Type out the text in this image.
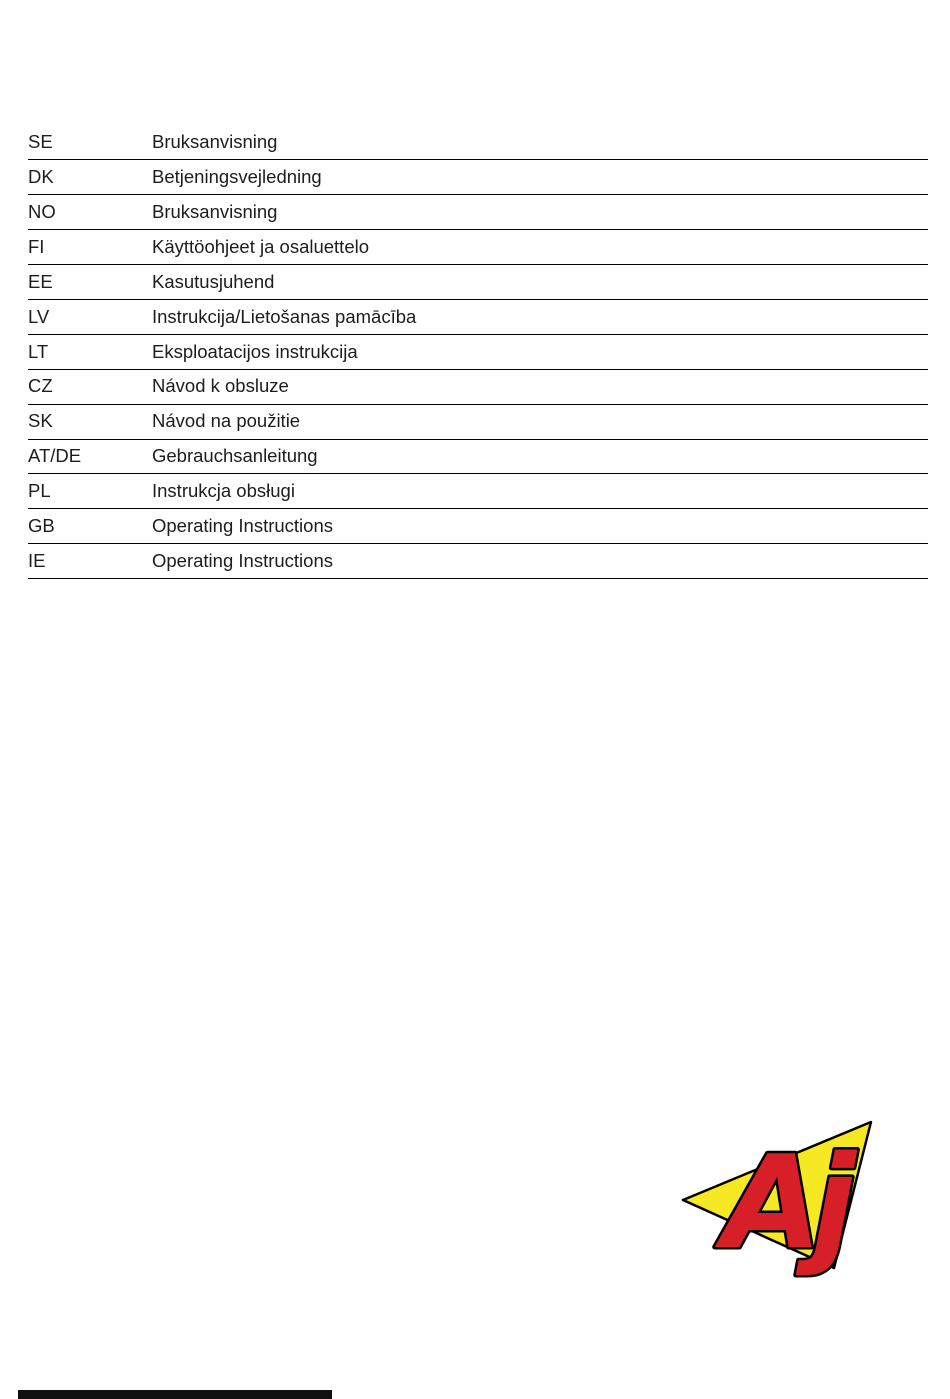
SE	Bruksanvisning
DK	Betjeningsvejledning
NO	Bruksanvisning
FI	Käyttöohjeet ja osaluettelo
EE	Kasutusjuhend
LV	Instrukcija/Lietošanas pamācība
LT	Eksploatacijos instrukcija
CZ	Návod k obsluze
SK	Návod na použitie
AT/DE	Gebrauchsanleitung
PL	Instrukcja obsługi
GB	Operating Instructions
IE	Operating Instructions
Aj
